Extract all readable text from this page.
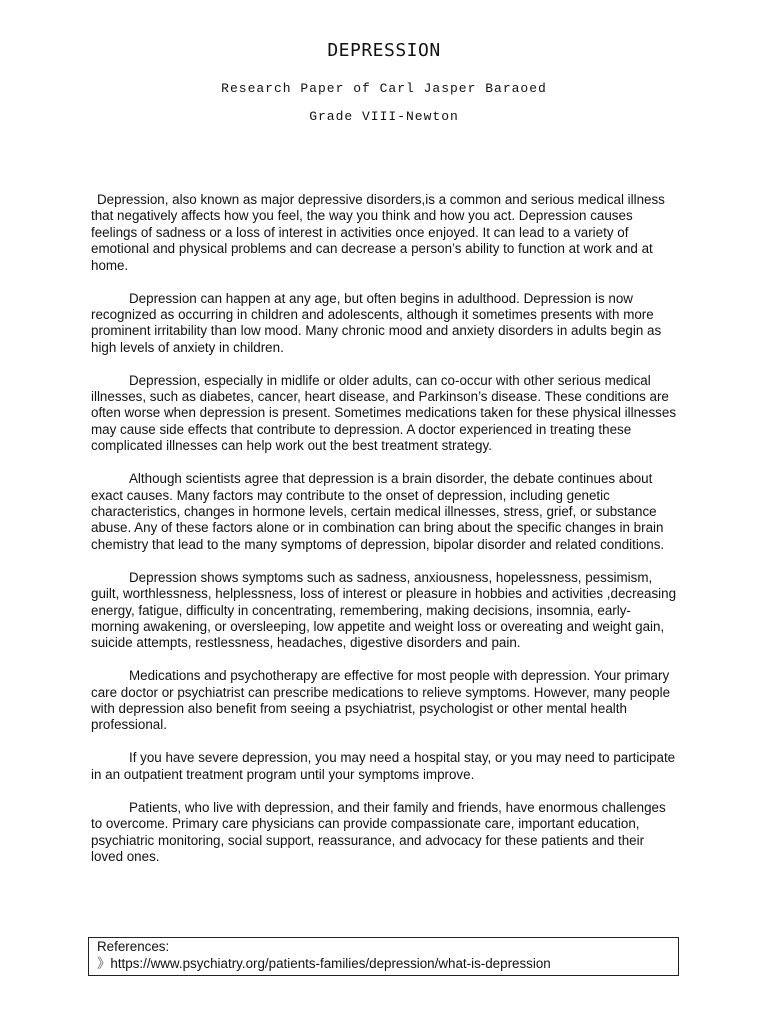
DEPRESSION
Research Paper of Carl Jasper Baraoed
Grade VIII-Newton

Depression, also known as major depressive disorders,is a common and serious medical illness that negatively affects how you feel, the way you think and how you act. Depression causes feelings of sadness or a loss of interest in activities once enjoyed. It can lead to a variety of emotional and physical problems and can decrease a person’s ability to function at work and at home.

Depression can happen at any age, but often begins in adulthood. Depression is now recognized as occurring in children and adolescents, although it sometimes presents with more prominent irritability than low mood. Many chronic mood and anxiety disorders in adults begin as high levels of anxiety in children.

Depression, especially in midlife or older adults, can co-occur with other serious medical illnesses, such as diabetes, cancer, heart disease, and Parkinson’s disease. These conditions are often worse when depression is present. Sometimes medications taken for these physical illnesses may cause side effects that contribute to depression. A doctor experienced in treating these complicated illnesses can help work out the best treatment strategy.

Although scientists agree that depression is a brain disorder, the debate continues about exact causes. Many factors may contribute to the onset of depression, including genetic characteristics, changes in hormone levels, certain medical illnesses, stress, grief, or substance abuse. Any of these factors alone or in combination can bring about the specific changes in brain chemistry that lead to the many symptoms of depression, bipolar disorder and related conditions.

Depression shows symptoms such as sadness, anxiousness, hopelessness, pessimism, guilt, worthlessness, helplessness, loss of interest or pleasure in hobbies and activities ,decreasing energy, fatigue, difficulty in concentrating, remembering, making decisions, insomnia, early-morning awakening, or oversleeping, low appetite and weight loss or overeating and weight gain, suicide attempts, restlessness, headaches, digestive disorders and pain.

Medications and psychotherapy are effective for most people with depression. Your primary care doctor or psychiatrist can prescribe medications to relieve symptoms. However, many people with depression also benefit from seeing a psychiatrist, psychologist or other mental health professional.

If you have severe depression, you may need a hospital stay, or you may need to participate in an outpatient treatment program until your symptoms improve.

Patients, who live with depression, and their family and friends, have enormous challenges to overcome. Primary care physicians can provide compassionate care, important education, psychiatric monitoring, social support, reassurance, and advocacy for these patients and their loved ones.

References:
》https://www.psychiatry.org/patients-families/depression/what-is-depression
